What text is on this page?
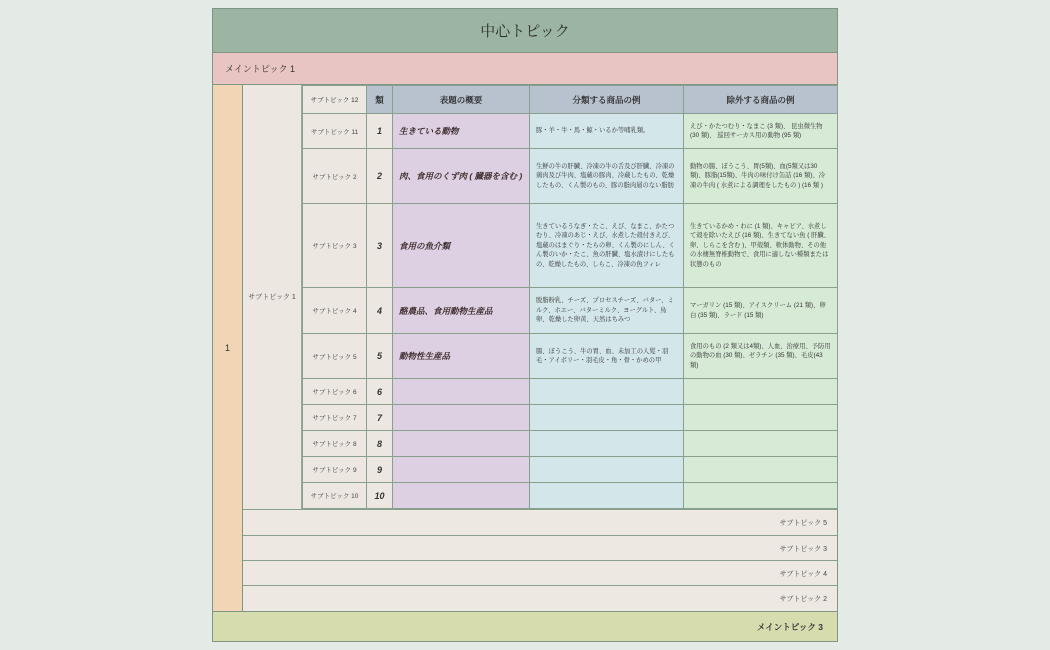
中心トピック
メイントピック 1
1
サブトピック 1
サブトピック 12	類	表題の概要	分類する商品の例	除外する商品の例
サブトピック 11	1	生きている動物	豚・羊・牛・馬・鯨・いるか等哺乳類。	えび・かたつむり・なまこ (3 類)、 昆虫微生物 (30 類)、 巡回サーカス用の動物 (95 類)
サブトピック 2	2	肉、食用のくず肉 ( 臓器を含む )	生鮮の牛の肝臓、冷凍の牛の舌及び肝臓、冷凍の鶏肉及び牛肉、塩蔵の豚肉、冷蔵したもの、乾燥したもの、くん製のもの、豚の脂肉層のない脂肪	動物の腸、ぼうこう、胃(5類)、血(5類又は30類)、豚脂(15類)、牛肉の味付け缶詰 (16 類)、冷凍の牛肉 ( 水煮による調理をしたもの ) (16 類 )
サブトピック 3	3	食用の魚介類	生きているうなぎ・たこ、えび、なまこ、かたつむり、冷凍のあじ・えび、水煮した殻付きえび、塩蔵のはまぐり・たらの卵、くん製のにしん、くん製のいか・たこ、魚の肝臓、塩水漬けにしたもの、乾燥したもの、しらこ、冷凍の魚フィレ	生きているかめ・わに (1 類)、キャビア、水煮して殻を除いたえび (16 類)、生きてない魚 ( 肝臓、卵、しらこを含む )、甲殻類、軟体動物、その他の水棲無脊椎動物で、食用に適しない種類または状態のもの
サブトピック 4	4	酪農品、食用動物生産品	脱脂粉乳、チーズ、プロセスチーズ、バター、ミルク、ホエー、バターミルク、ヨーグルト、鳥卵、乾燥した卵黄、天然はちみつ	マーガリン (15 類)、アイスクリーム (21 類)、卵白 (35 類)、ラード (15 類)
サブトピック 5	5	動物性生産品	腸、ぼうこう、牛の胃、血、未加工の人髪・羽毛・アイボリー・羽毛皮・角・骨・かめの甲	食用のもの (2 類又は4類)、人血、治療用、予防用の動物の血 (30 類)、ゼラチン (35 類)、毛皮(43類)
サブトピック 6	6			
サブトピック 7	7			
サブトピック 8	8			
サブトピック 9	9			
サブトピック 10	10			
サブトピック 5
サブトピック 3
サブトピック 4
サブトピック 2
メイントピック 3
